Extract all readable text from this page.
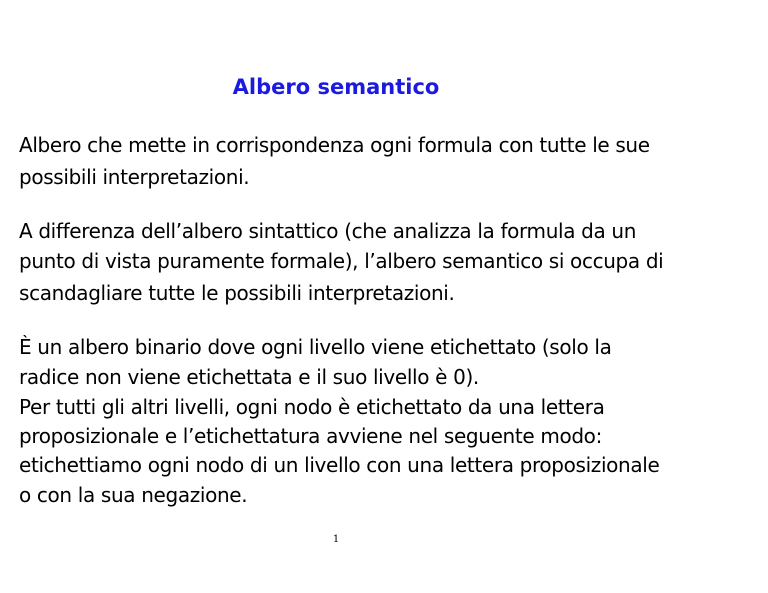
Albero semantico
Albero che mette in corrispondenza ogni formula con tutte le sue
possibili interpretazioni.
A differenza dell’albero sintattico (che analizza la formula da un
punto di vista puramente formale), l’albero semantico si occupa di
scandagliare tutte le possibili interpretazioni.
È un albero binario dove ogni livello viene etichettato (solo la
radice non viene etichettata e il suo livello è 0).
Per tutti gli altri livelli, ogni nodo è etichettato da una lettera
proposizionale e l’etichettatura avviene nel seguente modo:
etichettiamo ogni nodo di un livello con una lettera proposizionale
o con la sua negazione.
1
